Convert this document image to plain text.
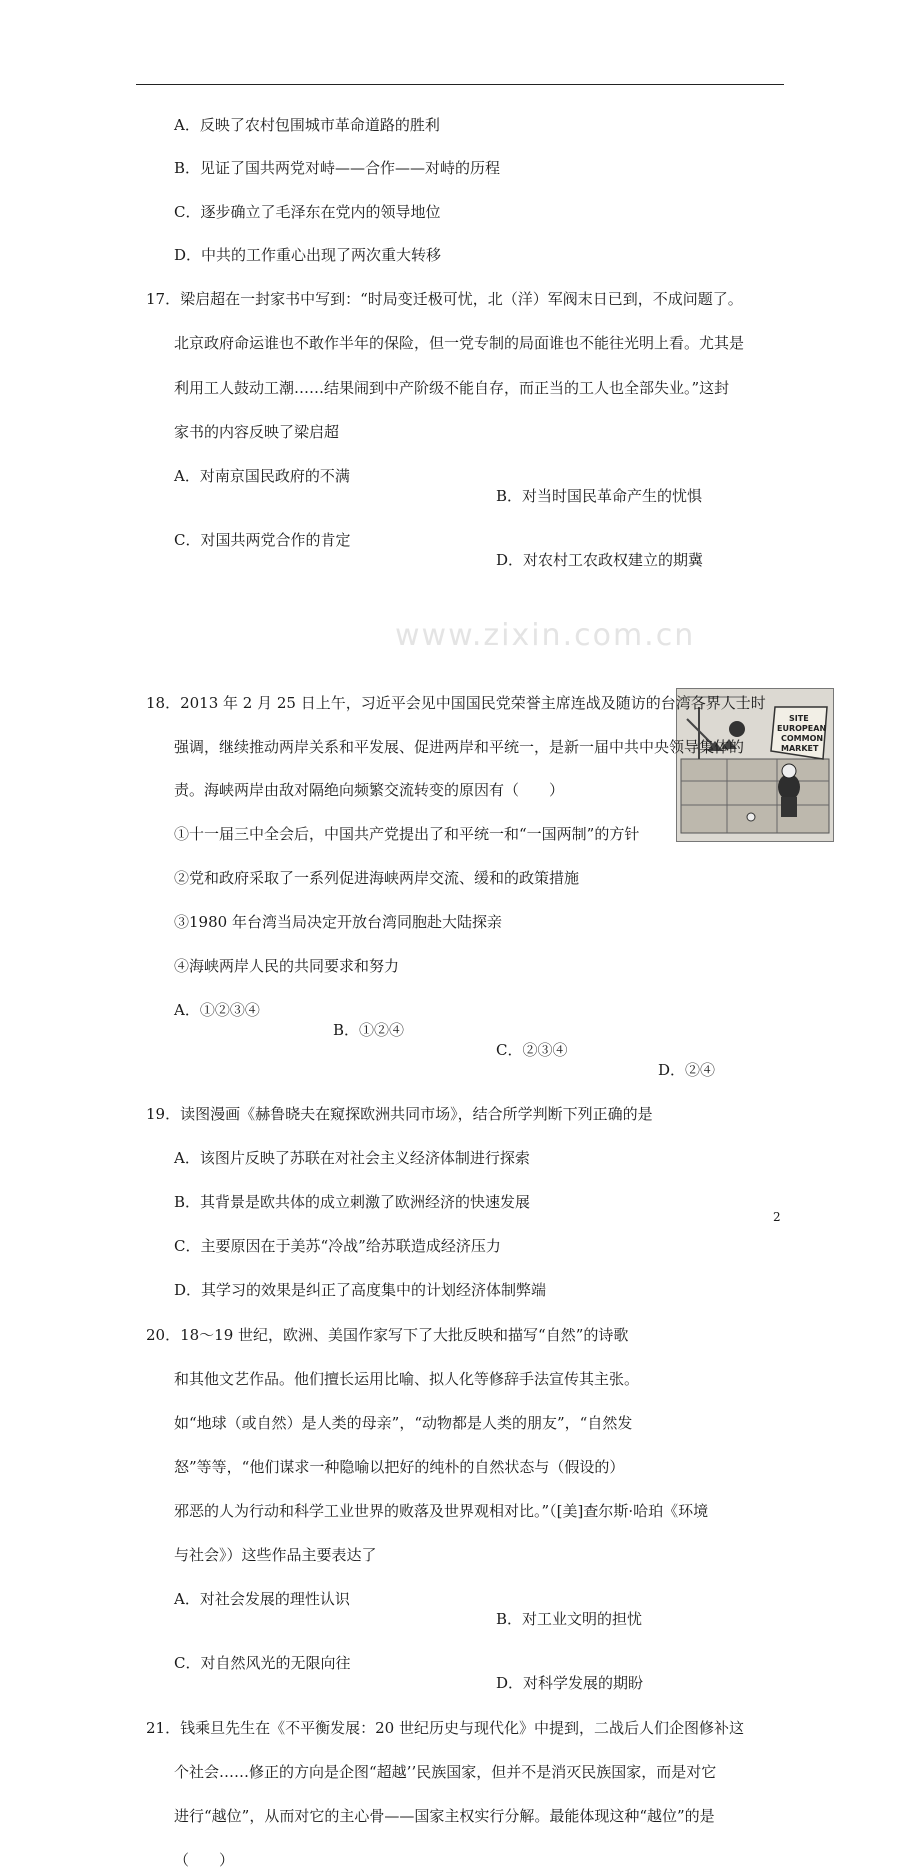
www.zixin.com.cn
A．反映了农村包围城市革命道路的胜利
B．见证了国共两党对峙——合作——对峙的历程
C．逐步确立了毛泽东在党内的领导地位
D．中共的工作重心出现了两次重大转移
17．梁启超在一封家书中写到：“时局变迁极可忧，北（洋）军阀末日已到，不成问题了。
北京政府命运谁也不敢作半年的保险，但一党专制的局面谁也不能往光明上看。尤其是
利用工人鼓动工潮……结果闹到中产阶级不能自存，而正当的工人也全部失业。”这封
家书的内容反映了梁启超
A．对南京国民政府的不满
B．对当时国民革命产生的忧惧
C．对国共两党合作的肯定
D．对农村工农政权建立的期冀
18．2013 年 2 月 25 日上午，习近平会见中国国民党荣誉主席连战及随访的台湾各界人士时
强调，继续推动两岸关系和平发展、促进两岸和平统一，是新一届中共中央领导集体的
责。海峡两岸由敌对隔绝向频繁交流转变的原因有（　　）
①十一届三中全会后，中国共产党提出了和平统一和“一国两制”的方针
②党和政府采取了一系列促进海峡两岸交流、缓和的政策措施
③1980 年台湾当局决定开放台湾同胞赴大陆探亲
④海峡两岸人民的共同要求和努力
A．①②③④
B．①②④
C．②③④
D．②④
19．读图漫画《赫鲁晓夫在窥探欧洲共同市场》，结合所学判断下列正确的是
A．该图片反映了苏联在对社会主义经济体制进行探索
B．其背景是欧共体的成立刺激了欧洲经济的快速发展
C．主要原因在于美苏“冷战”给苏联造成经济压力
D．其学习的效果是纠正了高度集中的计划经济体制弊端
SITE
EUROPEAN
COMMON
MARKET
20．18～19 世纪，欧洲、美国作家写下了大批反映和描写“自然”的诗歌
和其他文艺作品。他们擅长运用比喻、拟人化等修辞手法宣传其主张。
如“地球（或自然）是人类的母亲”，“动物都是人类的朋友”，“自然发
怒”等等，“他们谋求一种隐喻以把好的纯朴的自然状态与（假设的）
邪恶的人为行动和科学工业世界的败落及世界观相对比。”（[美]查尔斯·哈珀《环境
与社会》）这些作品主要表达了
A．对社会发展的理性认识
B．对工业文明的担忧
C．对自然风光的无限向往
D．对科学发展的期盼
21．钱乘旦先生在《不平衡发展：20 世纪历史与现代化》中提到，二战后人们企图修补这
个社会……修正的方向是企图“超越’’民族国家，但并不是消灭民族国家，而是对它
进行“越位”，从而对它的主心骨——国家主权实行分解。最能体现这种“越位”的是
（　　）
2
